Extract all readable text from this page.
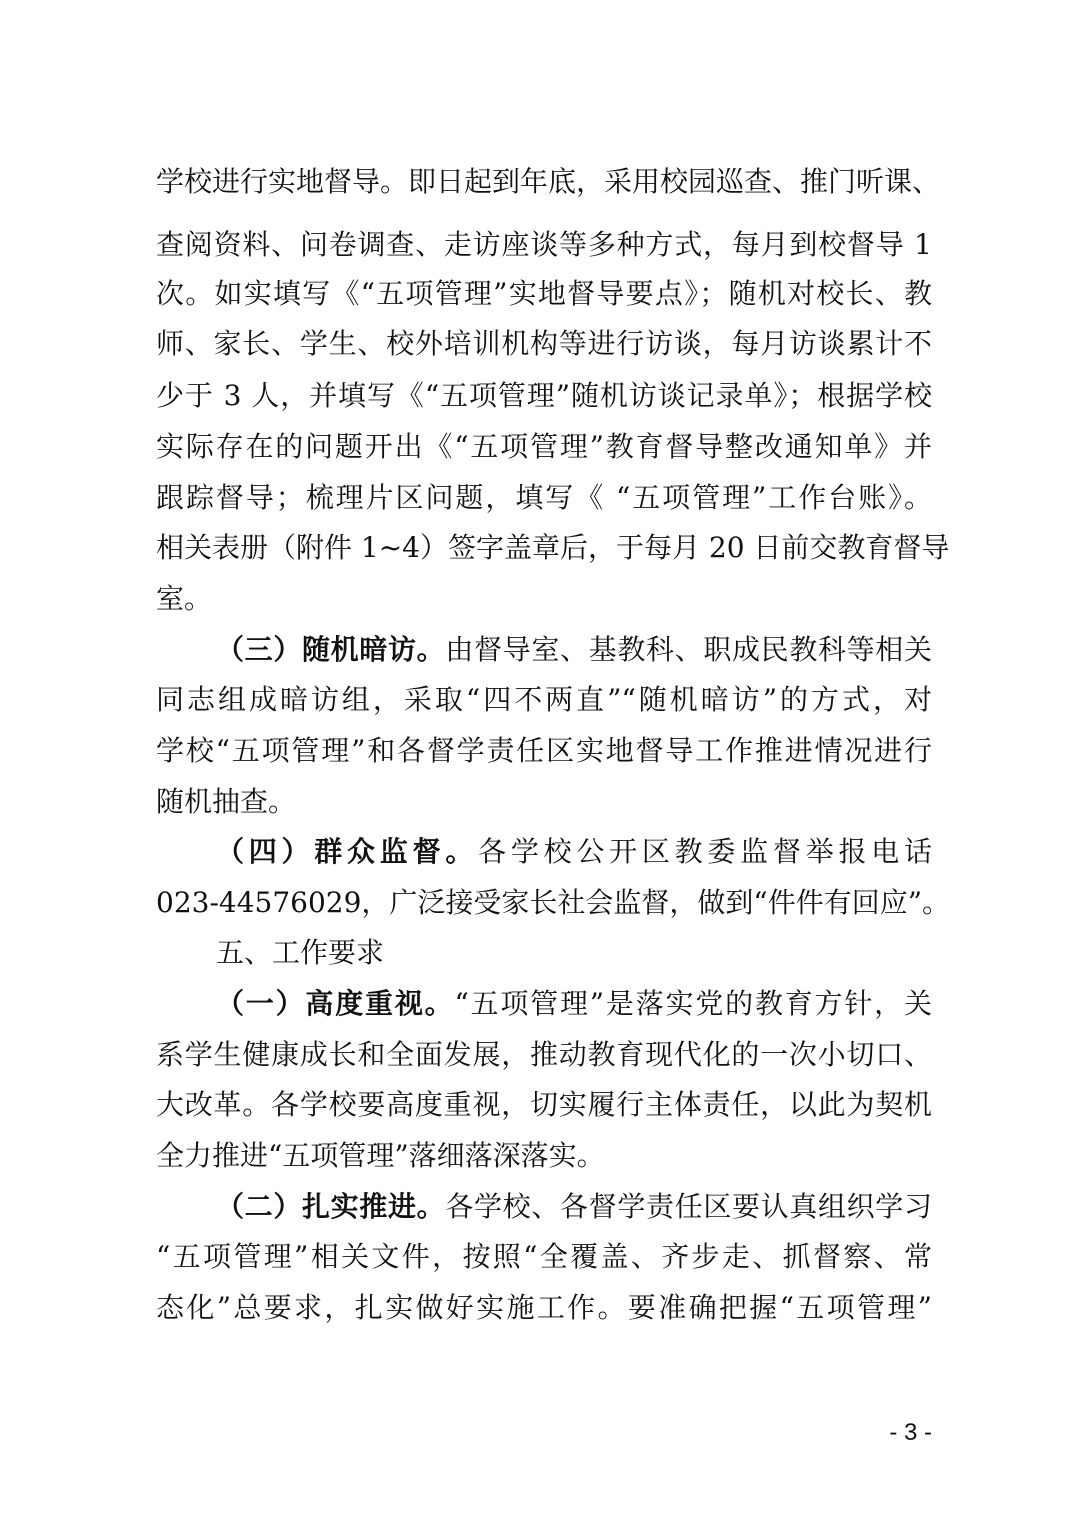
学校进行实地督导。即日起到年底，采用校园巡查、推门听课、
查阅资料、问卷调查、走访座谈等多种方式，每月到校督导 1
次。如实填写《“五项管理”实地督导要点》；随机对校长、教
师、家长、学生、校外培训机构等进行访谈，每月访谈累计不
少于 3 人，并填写《“五项管理”随机访谈记录单》；根据学校
实际存在的问题开出《“五项管理”教育督导整改通知单》并
跟踪督导；梳理片区问题，填写《 “五项管理”工作台账》。
相关表册（附件 1~4）签字盖章后，于每月 20 日前交教育督导
室。
（三）随机暗访。由督导室、基教科、职成民教科等相关
同志组成暗访组，采取“四不两直”“随机暗访”的方式，对
学校“五项管理”和各督学责任区实地督导工作推进情况进行
随机抽查。
（四）群众监督。各学校公开区教委监督举报电话
023-44576029，广泛接受家长社会监督，做到“件件有回应”。
五、工作要求
（一）高度重视。“五项管理”是落实党的教育方针，关
系学生健康成长和全面发展，推动教育现代化的一次小切口、
大改革。各学校要高度重视，切实履行主体责任，以此为契机
全力推进“五项管理”落细落深落实。
（二）扎实推进。各学校、各督学责任区要认真组织学习
“五项管理”相关文件，按照“全覆盖、齐步走、抓督察、常
态化”总要求，扎实做好实施工作。要准确把握“五项管理”
- 3 -
